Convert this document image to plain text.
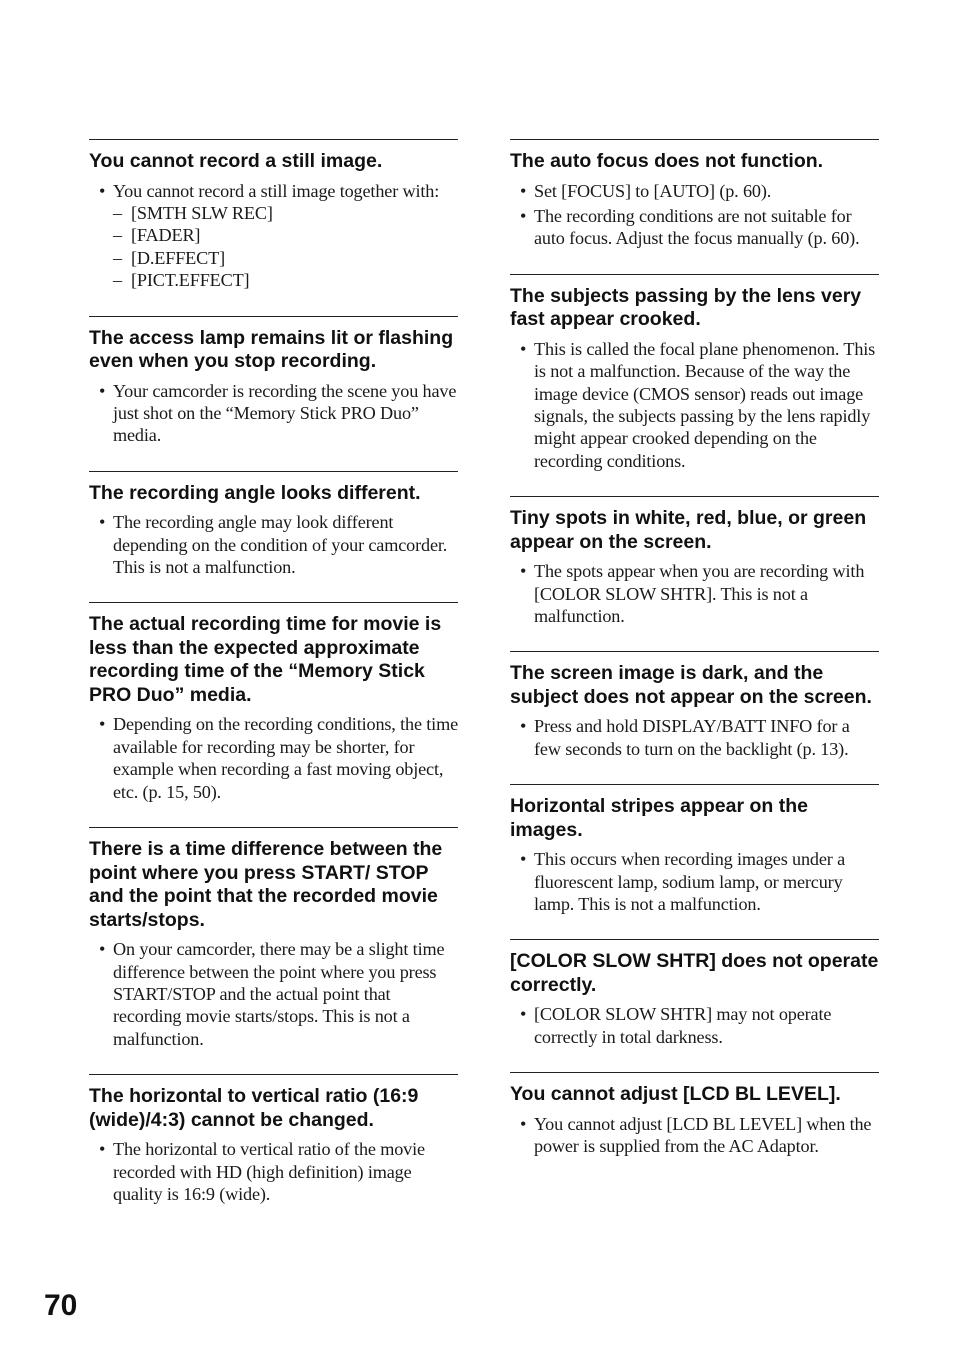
You cannot record a still image.
• You cannot record a still image together with:
– [SMTH SLW REC]
– [FADER]
– [D.EFFECT]
– [PICT.EFFECT]
The access lamp remains lit or flashing even when you stop recording.
• Your camcorder is recording the scene you have just shot on the “Memory Stick PRO Duo” media.
The recording angle looks different.
• The recording angle may look different depending on the condition of your camcorder. This is not a malfunction.
The actual recording time for movie is less than the expected approximate recording time of the “Memory Stick PRO Duo” media.
• Depending on the recording conditions, the time available for recording may be shorter, for example when recording a fast moving object, etc. (p. 15, 50).
There is a time difference between the point where you press START/ STOP and the point that the recorded movie starts/stops.
• On your camcorder, there may be a slight time difference between the point where you press START/STOP and the actual point that recording movie starts/stops. This is not a malfunction.
The horizontal to vertical ratio (16:9 (wide)/4:3) cannot be changed.
• The horizontal to vertical ratio of the movie recorded with HD (high definition) image quality is 16:9 (wide).
The auto focus does not function.
• Set [FOCUS] to [AUTO] (p. 60).
• The recording conditions are not suitable for auto focus. Adjust the focus manually (p. 60).
The subjects passing by the lens very fast appear crooked.
• This is called the focal plane phenomenon. This is not a malfunction. Because of the way the image device (CMOS sensor) reads out image signals, the subjects passing by the lens rapidly might appear crooked depending on the recording conditions.
Tiny spots in white, red, blue, or green appear on the screen.
• The spots appear when you are recording with [COLOR SLOW SHTR]. This is not a malfunction.
The screen image is dark, and the subject does not appear on the screen.
• Press and hold DISPLAY/BATT INFO for a few seconds to turn on the backlight (p. 13).
Horizontal stripes appear on the images.
• This occurs when recording images under a fluorescent lamp, sodium lamp, or mercury lamp. This is not a malfunction.
[COLOR SLOW SHTR] does not operate correctly.
• [COLOR SLOW SHTR] may not operate correctly in total darkness.
You cannot adjust [LCD BL LEVEL].
• You cannot adjust [LCD BL LEVEL] when the power is supplied from the AC Adaptor.
70
